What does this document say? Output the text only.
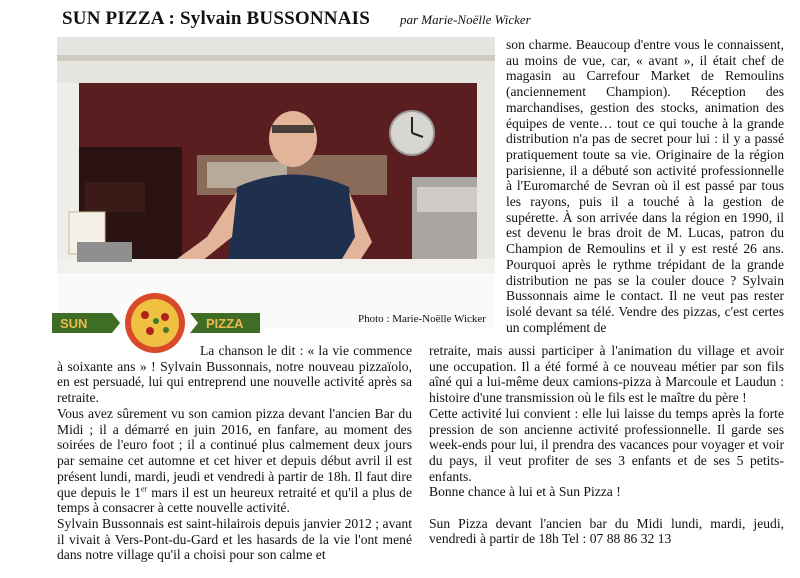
SUN PIZZA : Sylvain BUSSONNAIS par Marie-Noëlle Wicker
Photo : Marie-Noëlle Wicker
SUN	PIZZA

son charme. Beaucoup d'entre vous le connaissent, au moins de vue, car, « avant », il était chef de magasin au Carrefour Market de Remoulins (anciennement Champion). Réception des marchandises, gestion des stocks, animation des équipes de vente… tout ce qui touche à la grande distribution n'a pas de secret pour lui : il y a passé pratiquement toute sa vie. Originaire de la région parisienne, il a débuté son activité professionnelle à l'Euromarché de Sevran où il est passé par tous les rayons, puis il a touché à la gestion de supérette. À son arrivée dans la région en 1990, il est devenu le bras droit de M. Lucas, patron du Champion de Remoulins et il y est resté 26 ans. Pourquoi après le rythme trépidant de la grande distribution ne pas se la couler douce ? Sylvain Bussonnais aime le contact. Il ne veut pas rester isolé devant sa télé. Vendre des pizzas, c'est certes un complément de

retraite, mais aussi participer à l'animation du village et avoir une occupation. Il a été formé à ce nouveau métier par son fils aîné qui a lui-même deux camions-pizza à Marcoule et Laudun : histoire d'une transmission où le fils est le maître du père !

Cette activité lui convient : elle lui laisse du temps après la forte pression de son ancienne activité professionnelle. Il garde ses week-ends pour lui, il prendra des vacances pour voyager et voir du pays, il veut profiter de ses 3 enfants et de ses 5 petits-enfants.

Bonne chance à lui et à Sun Pizza !

Sun Pizza devant l'ancien bar du Midi lundi, mardi, jeudi, vendredi à partir de 18h Tel : 07 88 86 32 13

La chanson le dit : « la vie commence à soixante ans » ! Sylvain Bussonnais, notre nouveau pizzaïolo, en est persuadé, lui qui entreprend une nouvelle activité après sa retraite.

Vous avez sûrement vu son camion pizza devant l'ancien Bar du Midi ; il a démarré en juin 2016, en fanfare, au moment des soirées de l'euro foot ; il a continué plus calmement deux jours par semaine cet automne et cet hiver et depuis début avril il est présent lundi, mardi, jeudi et vendredi à partir de 18h. Il faut dire que depuis le 1er mars il est un heureux retraité et qu'il a plus de temps à consacrer à cette nouvelle activité.

Sylvain Bussonnais est saint-hilairois depuis janvier 2012 ; avant il vivait à Vers-Pont-du-Gard et les hasards de la vie l'ont mené dans notre village qu'il a choisi pour son calme et
